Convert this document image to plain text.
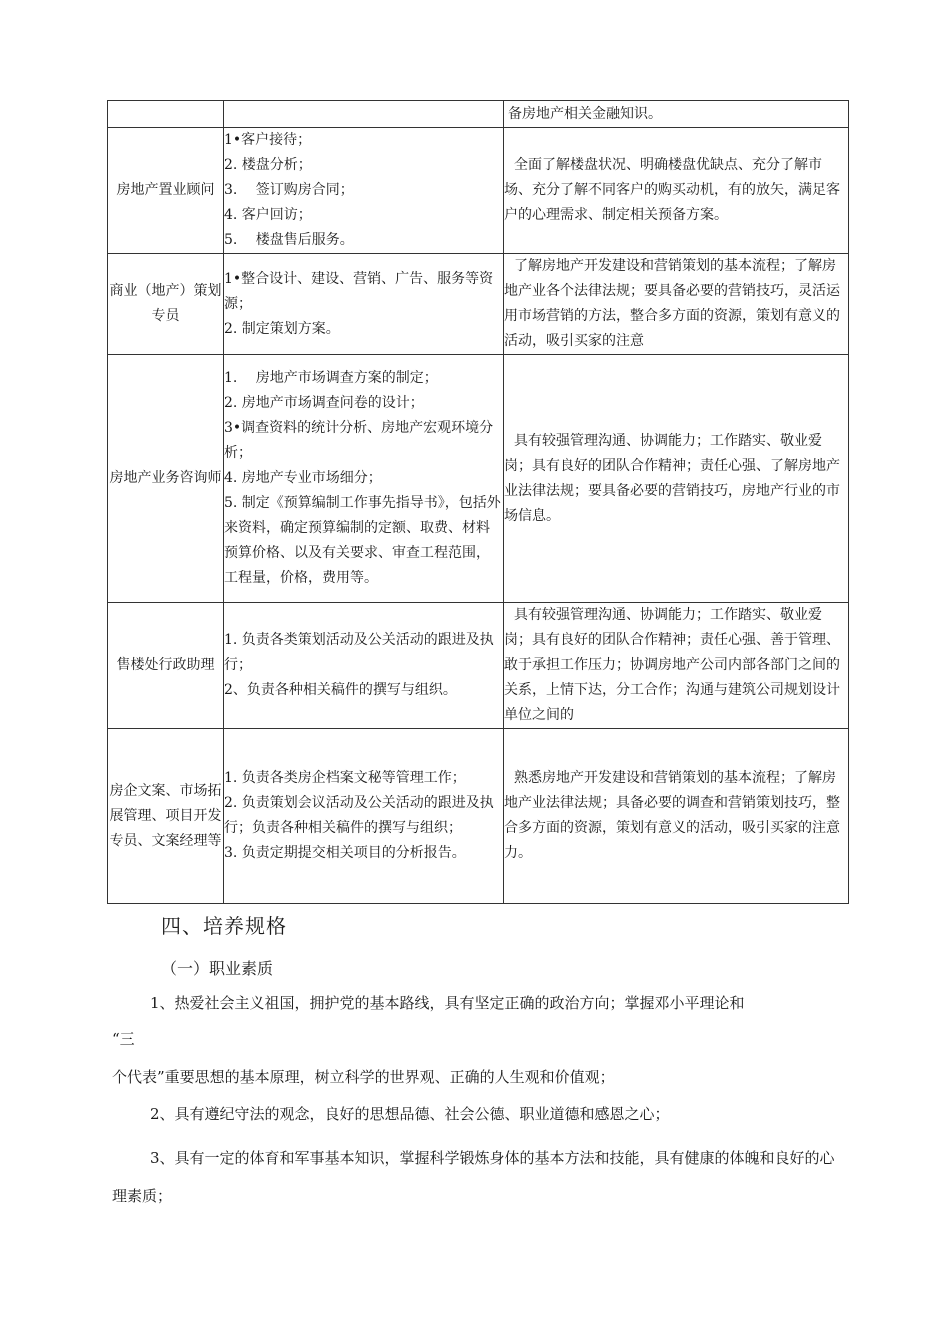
		备房地产相关金融知识。

房地产置业顾问	1•客户接待；
2. 楼盘分析；
3.　 签订购房合同；
4. 客户回访；
5.　 楼盘售后服务。	全面了解楼盘状况、明确楼盘优缺点、充分了解市场、充分了解不同客户的购买动机，有的放矢，满足客户的心理需求、制定相关预备方案。

商业（地产）策划专员	1•整合设计、建设、营销、广告、服务等资源；
2. 制定策划方案。	了解房地产开发建设和营销策划的基本流程；了解房地产业各个法律法规；要具备必要的营销技巧，灵活运用市场营销的方法，整合多方面的资源，策划有意义的活动，吸引买家的注意

房地产业务咨询师	1.　 房地产市场调查方案的制定；
2. 房地产市场调查问卷的设计；
3•调查资料的统计分析、房地产宏观环境分析；
4. 房地产专业市场细分；
5. 制定《预算编制工作事先指导书》，包括外来资料，确定预算编制的定额、取费、材料预算价格、以及有关要求、审查工程范围，工程量，价格，费用等。	具有较强管理沟通、协调能力；工作踏实、敬业爱岗；具有良好的团队合作精神；责任心强、了解房地产业法律法规；要具备必要的营销技巧，房地产行业的市场信息。

售楼处行政助理	1. 负责各类策划活动及公关活动的跟进及执行；
2、负责各种相关稿件的撰写与组织。	具有较强管理沟通、协调能力；工作踏实、敬业爱岗；具有良好的团队合作精神；责任心强、善于管理、敢于承担工作压力；协调房地产公司内部各部门之间的关系，上情下达，分工合作；沟通与建筑公司规划设计单位之间的

房企文案、市场拓展管理、项目开发专员、文案经理等	1. 负责各类房企档案文秘等管理工作；
2. 负责策划会议活动及公关活动的跟进及执行；负责各种相关稿件的撰写与组织；
3. 负责定期提交相关项目的分析报告。	熟悉房地产开发建设和营销策划的基本流程；了解房地产业法律法规；具备必要的调查和营销策划技巧，整合多方面的资源，策划有意义的活动，吸引买家的注意力。
四、培养规格
（一）职业素质

1、热爱社会主义祖国，拥护党的基本路线，具有坚定正确的政治方向；掌握邓小平理论和

“三

个代表”重要思想的基本原理，树立科学的世界观、正确的人生观和价值观；

2、具有遵纪守法的观念，良好的思想品德、社会公德、职业道德和感恩之心；

3、具有一定的体育和军事基本知识，掌握科学锻炼身体的基本方法和技能，具有健康的体魄和良好的心理素质；
